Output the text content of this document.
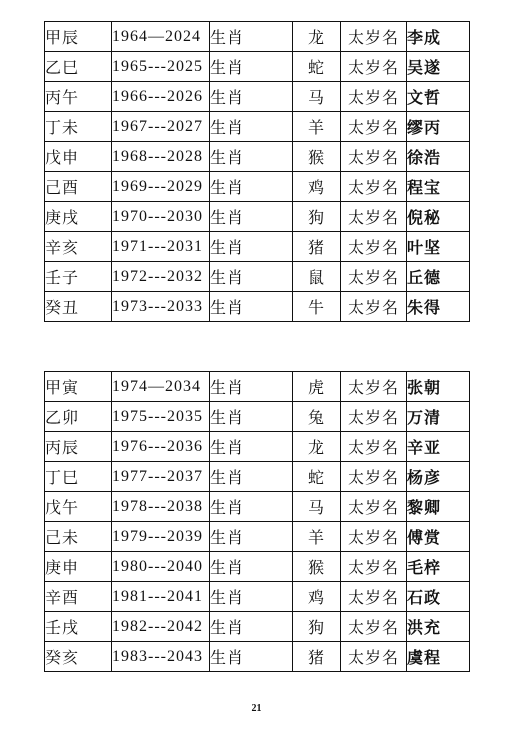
甲辰	1964—2024	生肖	龙	太岁名	李成
乙巳	1965---2025	生肖	蛇	太岁名	吴遂
丙午	1966---2026	生肖	马	太岁名	文哲
丁未	1967---2027	生肖	羊	太岁名	缪丙
戊申	1968---2028	生肖	猴	太岁名	徐浩
己酉	1969---2029	生肖	鸡	太岁名	程宝
庚戌	1970---2030	生肖	狗	太岁名	倪秘
辛亥	1971---2031	生肖	猪	太岁名	叶坚
壬子	1972---2032	生肖	鼠	太岁名	丘德
癸丑	1973---2033	生肖	牛	太岁名	朱得
甲寅	1974—2034	生肖	虎	太岁名	张朝
乙卯	1975---2035	生肖	兔	太岁名	万清
丙辰	1976---2036	生肖	龙	太岁名	辛亚
丁巳	1977---2037	生肖	蛇	太岁名	杨彦
戊午	1978---2038	生肖	马	太岁名	黎卿
己未	1979---2039	生肖	羊	太岁名	傅赏
庚申	1980---2040	生肖	猴	太岁名	毛梓
辛酉	1981---2041	生肖	鸡	太岁名	石政
壬戌	1982---2042	生肖	狗	太岁名	洪充
癸亥	1983---2043	生肖	猪	太岁名	虞程
21
